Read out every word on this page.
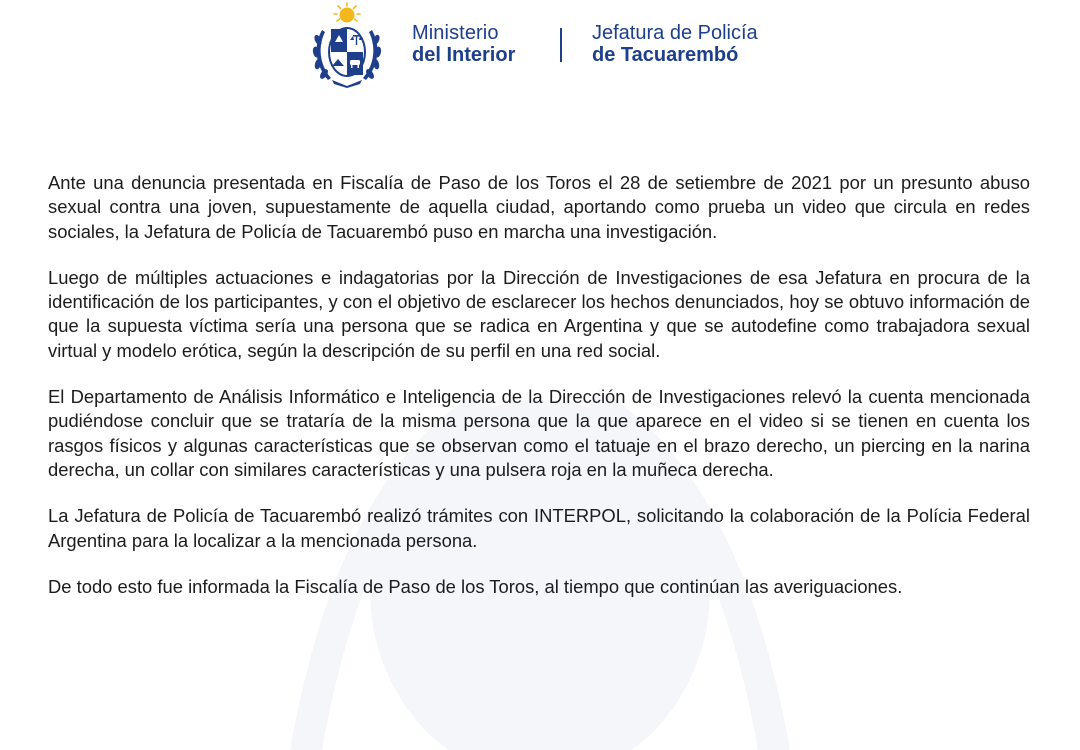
Ministerio
del Interior
Jefatura de Policía
de Tacuarembó

Ante una denuncia presentada en Fiscalía de Paso de los Toros el 28 de setiembre de 2021 por un presunto abuso sexual contra una joven, supuestamente de aquella ciudad, aportando como prueba un video que circula en redes sociales, la Jefatura de Policía de Tacuarembó puso en marcha una investigación.

Luego de múltiples actuaciones e indagatorias por la Dirección de Investigaciones de esa Jefatura en procura de la identificación de los participantes, y con el objetivo de esclarecer los hechos denunciados, hoy se obtuvo información de que la supuesta víctima sería una persona que se radica en Argentina y que se autodefine como trabajadora sexual virtual y modelo erótica, según la descripción de su perfil en una red social.

El Departamento de Análisis Informático e Inteligencia de la Dirección de Investigaciones relevó la cuenta mencionada pudiéndose concluir que se trataría de la misma persona que la que aparece en el video si se tienen en cuenta los rasgos físicos y algunas características que se observan como el tatuaje en el brazo derecho, un piercing en la narina derecha, un collar con similares características y una pulsera roja en la muñeca derecha.

La Jefatura de Policía de Tacuarembó realizó trámites con INTERPOL, solicitando la colaboración de la Polícia Federal Argentina para la localizar a la mencionada persona.

De todo esto fue informada la Fiscalía de Paso de los Toros, al tiempo que continúan las averiguaciones.
